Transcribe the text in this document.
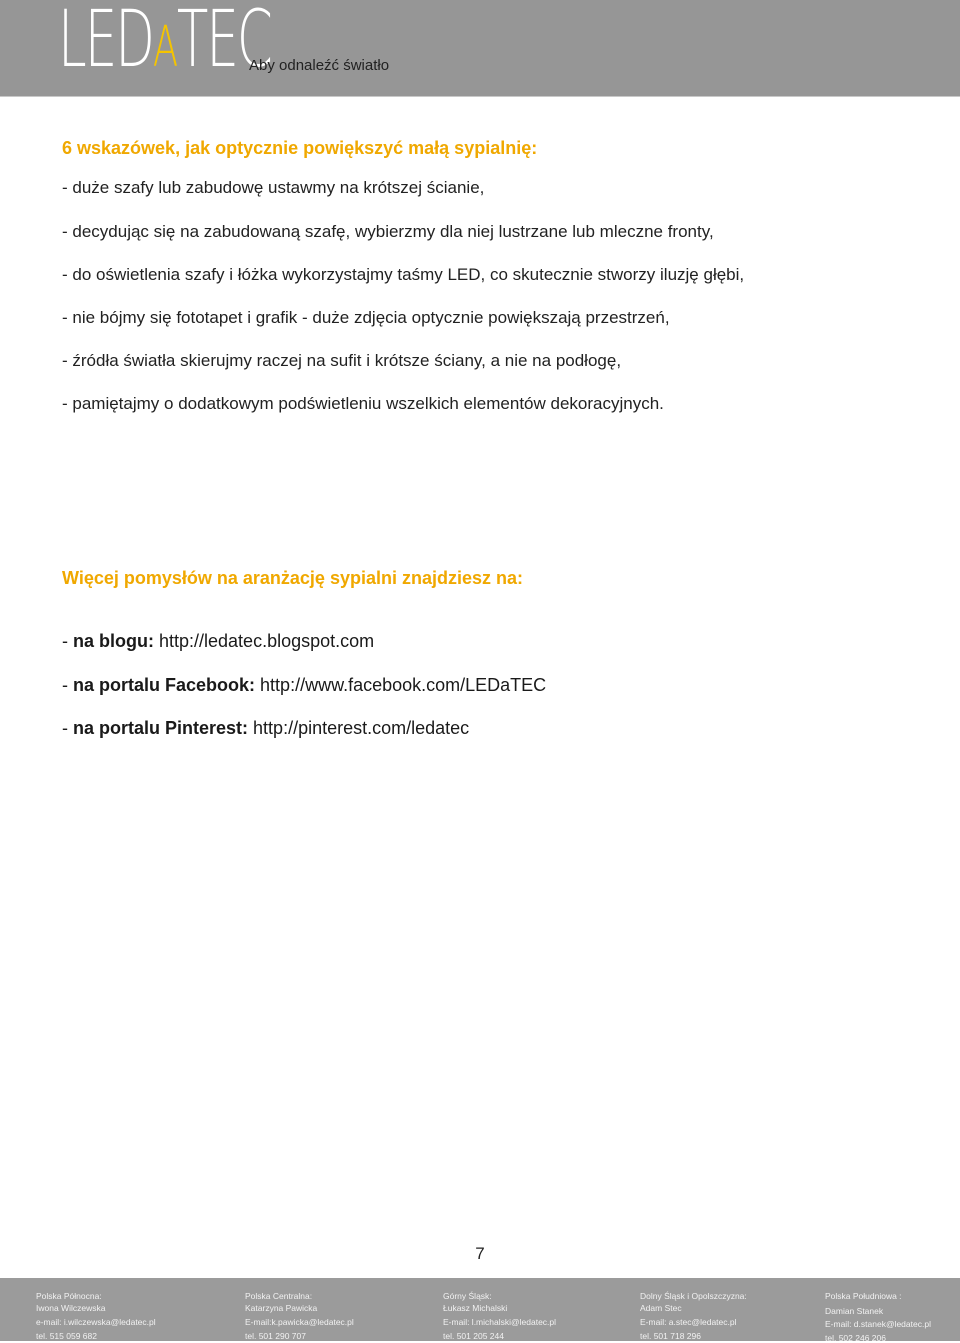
LEDATEC
Aby odnaleźć światło

6 wskazówek, jak optycznie powiększyć małą sypialnię:

- duże szafy lub zabudowę ustawmy na krótszej ścianie,

- decydując się na zabudowaną szafę, wybierzmy dla niej lustrzane lub mleczne fronty,

- do oświetlenia szafy i łóżka wykorzystajmy taśmy LED, co skutecznie stworzy iluzję głębi,

- nie bójmy się fototapet i grafik - duże zdjęcia optycznie powiększają przestrzeń,

- źródła światła skierujmy raczej na sufit i krótsze ściany, a nie na podłogę,

- pamiętajmy o dodatkowym podświetleniu wszelkich elementów dekoracyjnych.

Więcej pomysłów na aranżację sypialni znajdziesz na:

- na blogu: http://ledatec.blogspot.com
- na portalu Facebook: http://www.facebook.com/LEDaTEC
- na portalu Pinterest: http://pinterest.com/ledatec
7
Polska Północna:
Iwona Wilczewska
e-mail: i.wilczewska@ledatec.pl
tel. 515 059 682
Polska Centralna:
Katarzyna Pawicka
E-mail:k.pawicka@ledatec.pl
tel. 501 290 707
Górny Śląsk:
Łukasz Michalski
E-mail: l.michalski@ledatec.pl
tel. 501 205 244
Dolny Śląsk i Opolszczyzna:
Adam Stec
E-mail: a.stec@ledatec.pl
tel. 501 718 296
Polska Południowa :
Damian Stanek
E-mail: d.stanek@ledatec.pl
tel. 502 246 206
